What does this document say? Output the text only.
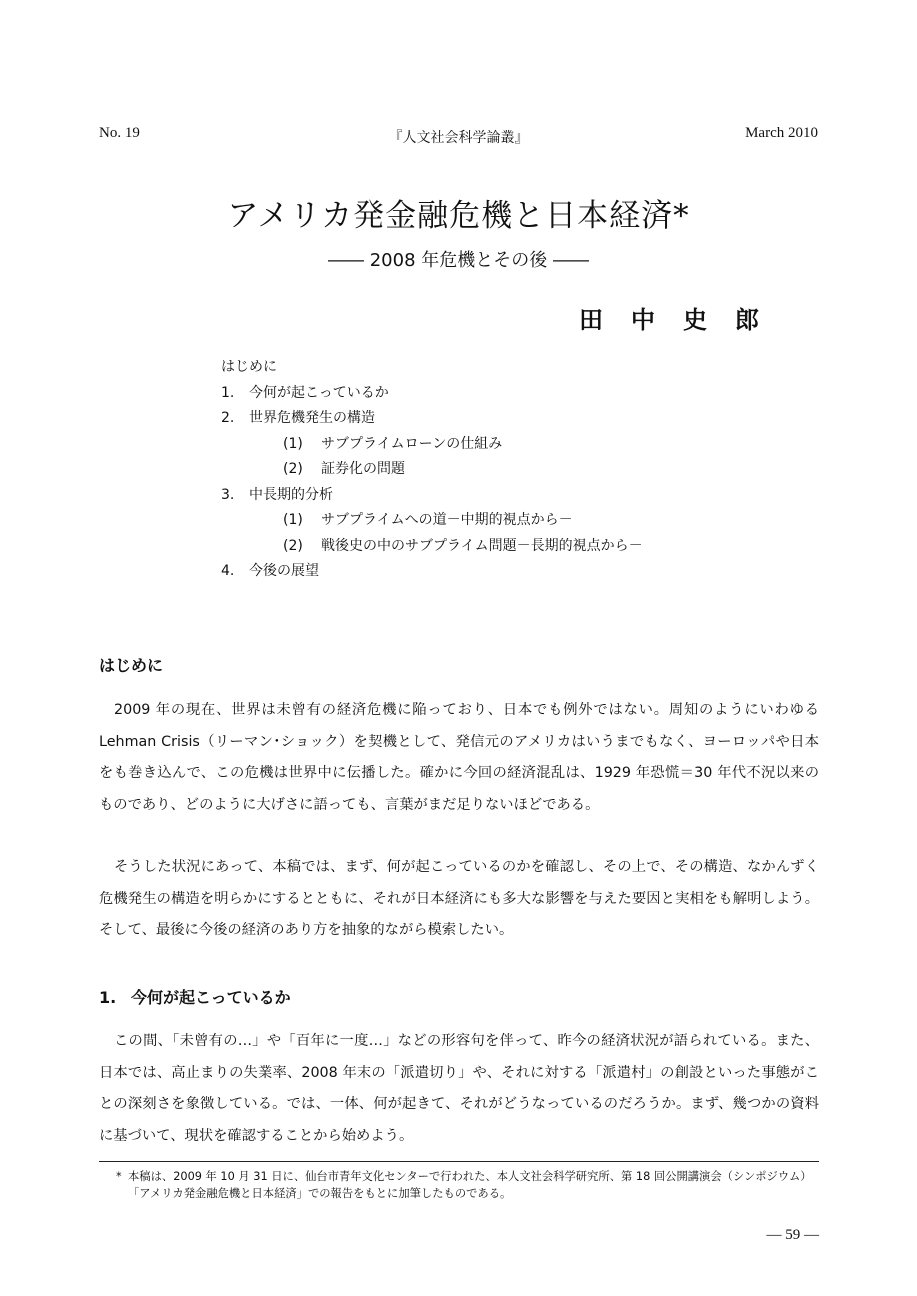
No. 19	『人文社会科学論叢』	March 2010
アメリカ発金融危機と日本経済*
―― 2008 年危機とその後 ――
田中史郎
はじめに
1. 今何が起こっているか
2. 世界危機発生の構造
(1) サブプライムローンの仕組み
(2) 証券化の問題
3. 中長期的分析
(1) サブプライムへの道－中期的視点から－
(2) 戦後史の中のサブプライム問題－長期的視点から－
4. 今後の展望
はじめに
2009 年の現在、世界は未曾有の経済危機に陥っており、日本でも例外ではない。周知のようにいわゆる Lehman Crisis（リーマン･ショック）を契機として、発信元のアメリカはいうまでもなく、ヨーロッパや日本をも巻き込んで、この危機は世界中に伝播した。確かに今回の経済混乱は、1929 年恐慌＝30 年代不況以来のものであり、どのように大げさに語っても、言葉がまだ足りないほどである。
そうした状況にあって、本稿では、まず、何が起こっているのかを確認し、その上で、その構造、なかんずく危機発生の構造を明らかにするとともに、それが日本経済にも多大な影響を与えた要因と実相をも解明しよう。そして、最後に今後の経済のあり方を抽象的ながら模索したい。
1. 今何が起こっているか
この間、「未曾有の…」や「百年に一度…」などの形容句を伴って、昨今の経済状況が語られている。また、日本では、高止まりの失業率、2008 年末の「派遣切り」や、それに対する「派遣村」の創設といった事態がことの深刻さを象徴している。では、一体、何が起きて、それがどうなっているのだろうか。まず、幾つかの資料に基づいて、現状を確認することから始めよう。
* 本稿は、2009 年 10 月 31 日に、仙台市青年文化センターで行われた、本人文社会科学研究所、第 18 回公開講演会（シンポジウム）「アメリカ発金融危機と日本経済」での報告をもとに加筆したものである。
― 59 ―
